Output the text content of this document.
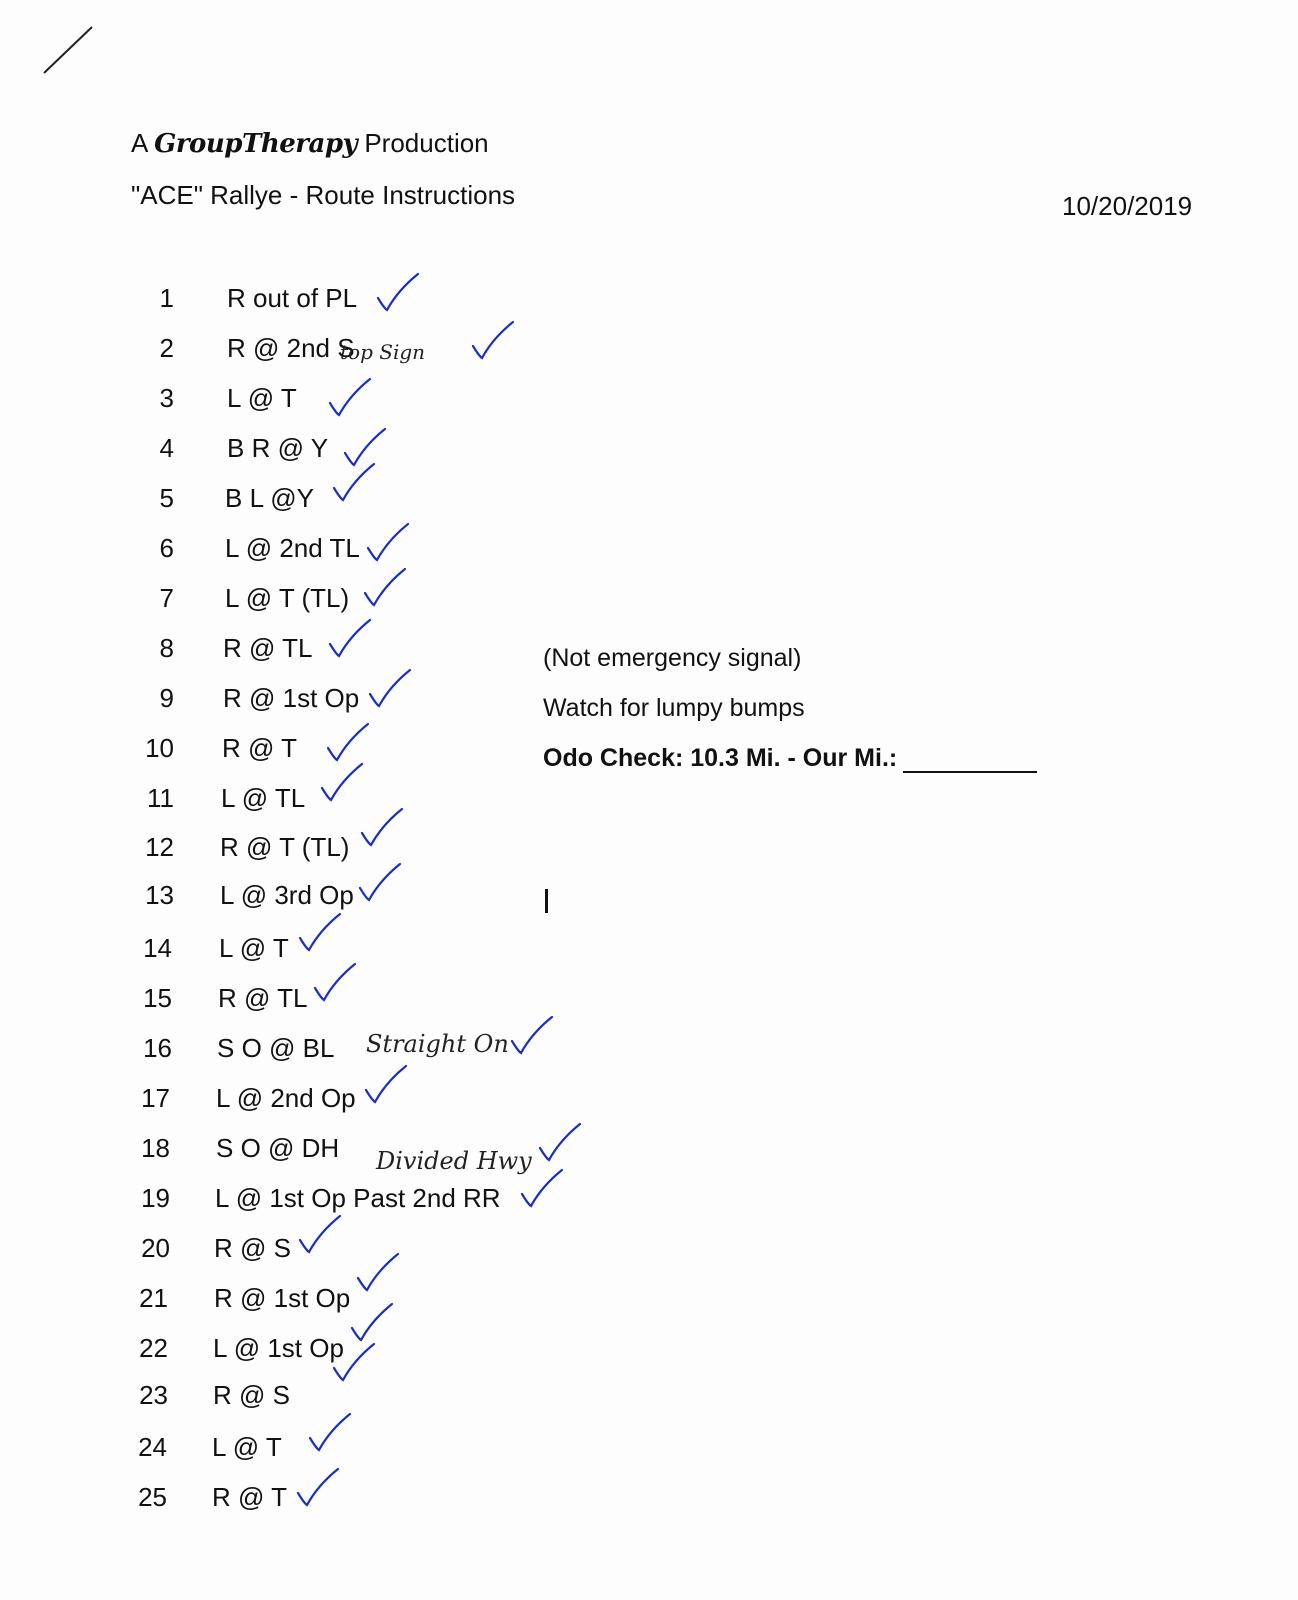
A GroupTherapy Production
"ACE" Rallye - Route Instructions	10/20/2019
1 R out of PL
2 R @ 2nd S
3 L @ T
4 B R @ Y
5 B L @Y
6 L @ 2nd TL
7 L @ T (TL)
8 R @ TL
9 R @ 1st Op
10 R @ T
11 L @ TL
12 R @ T (TL)
13 L @ 3rd Op
14 L @ T
15 R @ TL
16 S O @ BL
17 L @ 2nd Op
18 S O @ DH
19 L @ 1st Op Past 2nd RR
20 R @ S
21 R @ 1st Op
22 L @ 1st Op
23 R @ S
24 L @ T
25 R @ T
(Not emergency signal)
Watch for lumpy bumps
Odo Check: 10.3 Mi. - Our Mi.:
top Sign
Straight On
Divided Hwy
